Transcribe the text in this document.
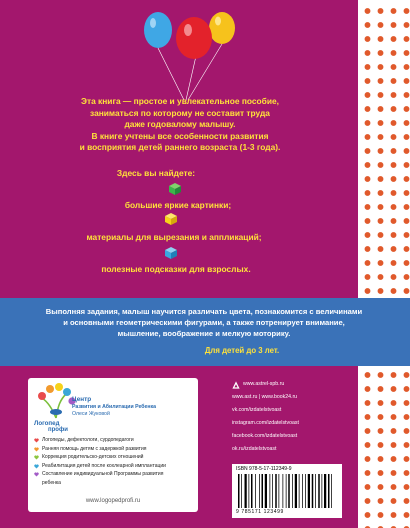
Эта книга — простое и увлекательное пособие,
заниматься по которому не составит труда
даже годовалому малышу.
В книге учтены все особенности развития
и восприятия детей раннего возраста (1-3 года).
Здесь вы найдете:
большие яркие картинки;
материалы для вырезания и аппликаций;
полезные подсказки для взрослых.
Выполняя задания, малыш научится различать цвета, познакомится с величинами
и основными геометрическими фигурами, а также потренирует внимание,
мышление, воображение и мелкую моторику.
Для детей до 3 лет.
Логопед
профи
Центр
Развития и Абилитации Ребенка
Олеси Жуковой
Логопеды, дефектологи, сурдопедагоги
Ранняя помощь детям с задержкой развития
Коррекция родительско-детских отношений
Реабилитация детей после кохлеарной имплантации
Составление индивидуальной Программы развития
ребенка
www.logopedprofi.ru
www.astrel-spb.ru
www.ast.ru | www.book24.ru
vk.com/izdatelstvoast
instagram.com/izdatelstvoast
facebook.com/izdatelstvoast
ok.ru/izdatelstvoast
ISBN 978-5-17-112349-9
9 785171 123499
